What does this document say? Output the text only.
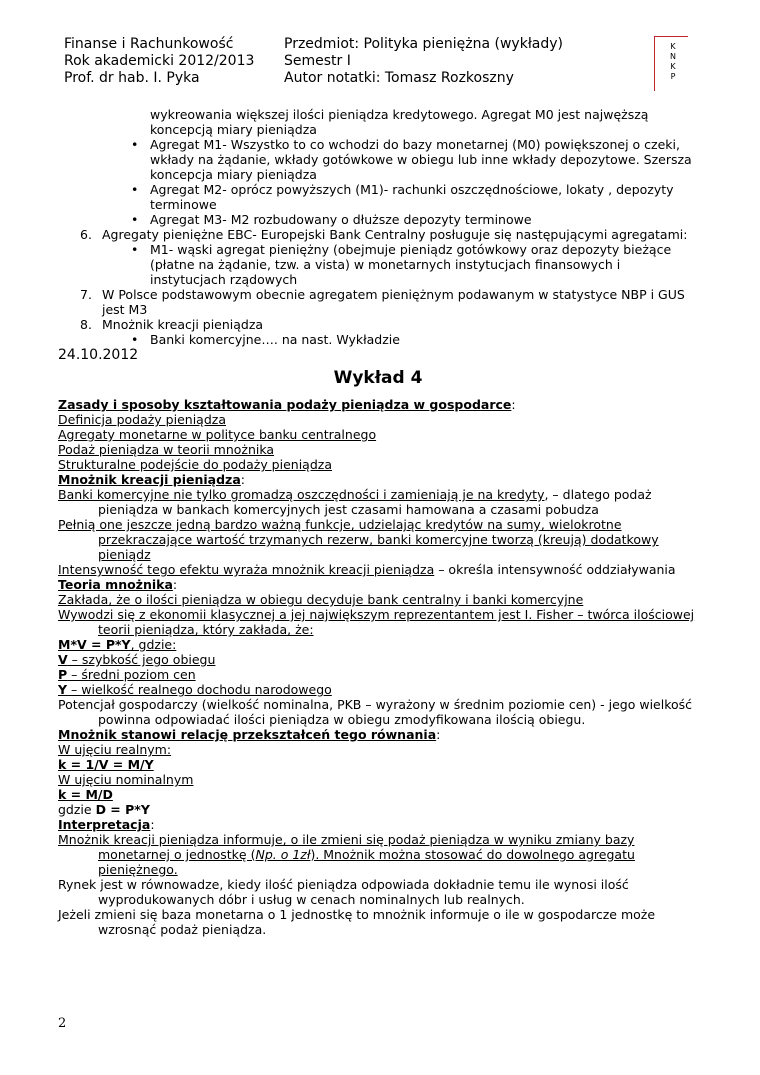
Finanse i Rachunkowość
Rok akademicki 2012/2013
Prof. dr hab. I. Pyka
Przedmiot: Polityka pieniężna (wykłady)
Semestr I
Autor notatki: Tomasz Rozkoszny
K
N
K
P
wykreowania większej ilości pieniądza kredytowego. Agregat M0 jest najwęższą koncepcją miary pieniądza
• Agregat M1- Wszystko to co wchodzi do bazy monetarnej (M0) powiększonej o czeki, wkłady na żądanie, wkłady gotówkowe w obiegu lub inne wkłady depozytowe. Szersza koncepcja miary pieniądza
• Agregat M2- oprócz powyższych (M1)- rachunki oszczędnościowe, lokaty , depozyty terminowe
• Agregat M3- M2 rozbudowany o dłuższe depozyty terminowe
6. Agregaty pieniężne EBC- Europejski Bank Centralny posługuje się następującymi agregatami:
• M1- wąski agregat pieniężny (obejmuje pieniądz gotówkowy oraz depozyty bieżące (płatne na żądanie, tzw. a vista) w monetarnych instytucjach finansowych i instytucjach rządowych
7. W Polsce podstawowym obecnie agregatem pieniężnym podawanym w statystyce NBP i GUS jest M3
8. Mnożnik kreacji pieniądza
• Banki komercyjne…. na nast. Wykładzie
24.10.2012
Wykład 4
Zasady i sposoby kształtowania podaży pieniądza w gospodarce:
Definicja podaży pieniądza
Agregaty monetarne w polityce banku centralnego
Podaż pieniądza w teorii mnożnika
Strukturalne podejście do podaży pieniądza
Mnożnik kreacji pieniądza:
Banki komercyjne nie tylko gromadzą oszczędności i zamieniają je na kredyty, – dlatego podaż pieniądza w bankach komercyjnych jest czasami hamowana a czasami pobudza
Pełnią one jeszcze jedną bardzo ważną funkcje, udzielając kredytów na sumy, wielokrotne przekraczające wartość trzymanych rezerw, banki komercyjne tworzą (kreują) dodatkowy pieniądz
Intensywność tego efektu wyraża mnożnik kreacji pieniądza – określa intensywność oddziaływania
Teoria mnożnika:
Zakłada, że o ilości pieniądza w obiegu decyduje bank centralny i banki komercyjne
Wywodzi się z ekonomii klasycznej a jej największym reprezentantem jest I. Fisher – twórca ilościowej teorii pieniądza, który zakłada, że:
M*V = P*Y, gdzie:
V – szybkość jego obiegu
P – średni poziom cen
Y – wielkość realnego dochodu narodowego
Potencjał gospodarczy (wielkość nominalna, PKB – wyrażony w średnim poziomie cen) - jego wielkość powinna odpowiadać ilości pieniądza w obiegu zmodyfikowana ilością obiegu.
Mnożnik stanowi relację przekształceń tego równania:
W ujęciu realnym:
k = 1/V = M/Y
W ujęciu nominalnym
k = M/D
gdzie D = P*Y
Interpretacja:
Mnożnik kreacji pieniądza informuje, o ile zmieni się podaż pieniądza w wyniku zmiany bazy monetarnej o jednostkę (Np. o 1zł). Mnożnik można stosować do dowolnego agregatu pieniężnego.
Rynek jest w równowadze, kiedy ilość pieniądza odpowiada dokładnie temu ile wynosi ilość wyprodukowanych dóbr i usług w cenach nominalnych lub realnych.
Jeżeli zmieni się baza monetarna o 1 jednostkę to mnożnik informuje o ile w gospodarcze może wzrosnąć podaż pieniądza.
2
